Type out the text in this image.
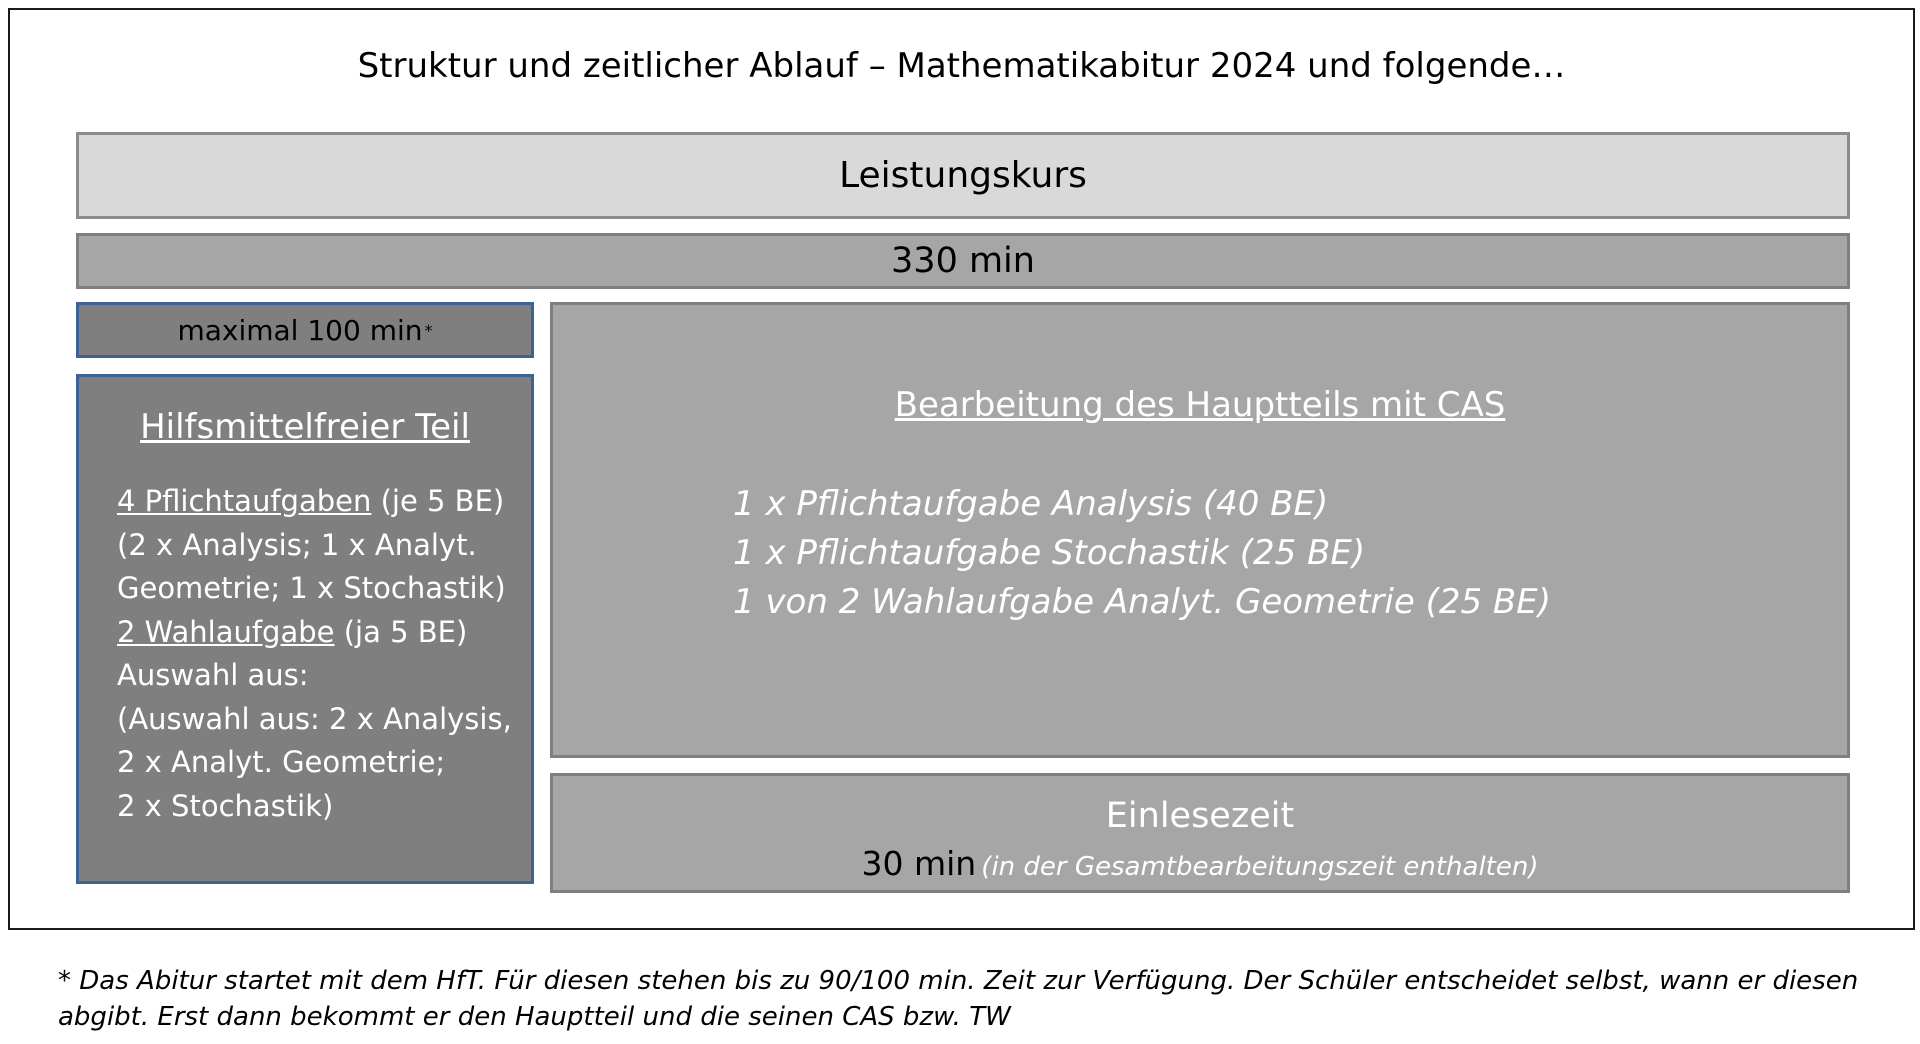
Struktur und zeitlicher Ablauf – Mathematikabitur 2024 und folgende…
Leistungskurs
330 min
maximal 100 min *
Hilfsmittelfreier Teil
4 Pflichtaufgaben (je 5 BE)
(2 x Analysis; 1 x Analyt.
Geometrie; 1 x Stochastik)
2 Wahlaufgabe (ja 5 BE)
Auswahl aus:
(Auswahl aus: 2 x Analysis,
2 x Analyt. Geometrie;
2 x Stochastik)
Bearbeitung des Hauptteils mit CAS
1 x Pflichtaufgabe Analysis (40 BE)
1 x Pflichtaufgabe Stochastik (25 BE)
1 von 2 Wahlaufgabe Analyt. Geometrie (25 BE)
Einlesezeit
30 min (in der Gesamtbearbeitungszeit enthalten)
* Das Abitur startet mit dem HfT. Für diesen stehen bis zu 90/100 min. Zeit zur Verfügung. Der Schüler entscheidet selbst, wann er diesen abgibt. Erst dann bekommt er den Hauptteil und die seinen CAS bzw. TW
